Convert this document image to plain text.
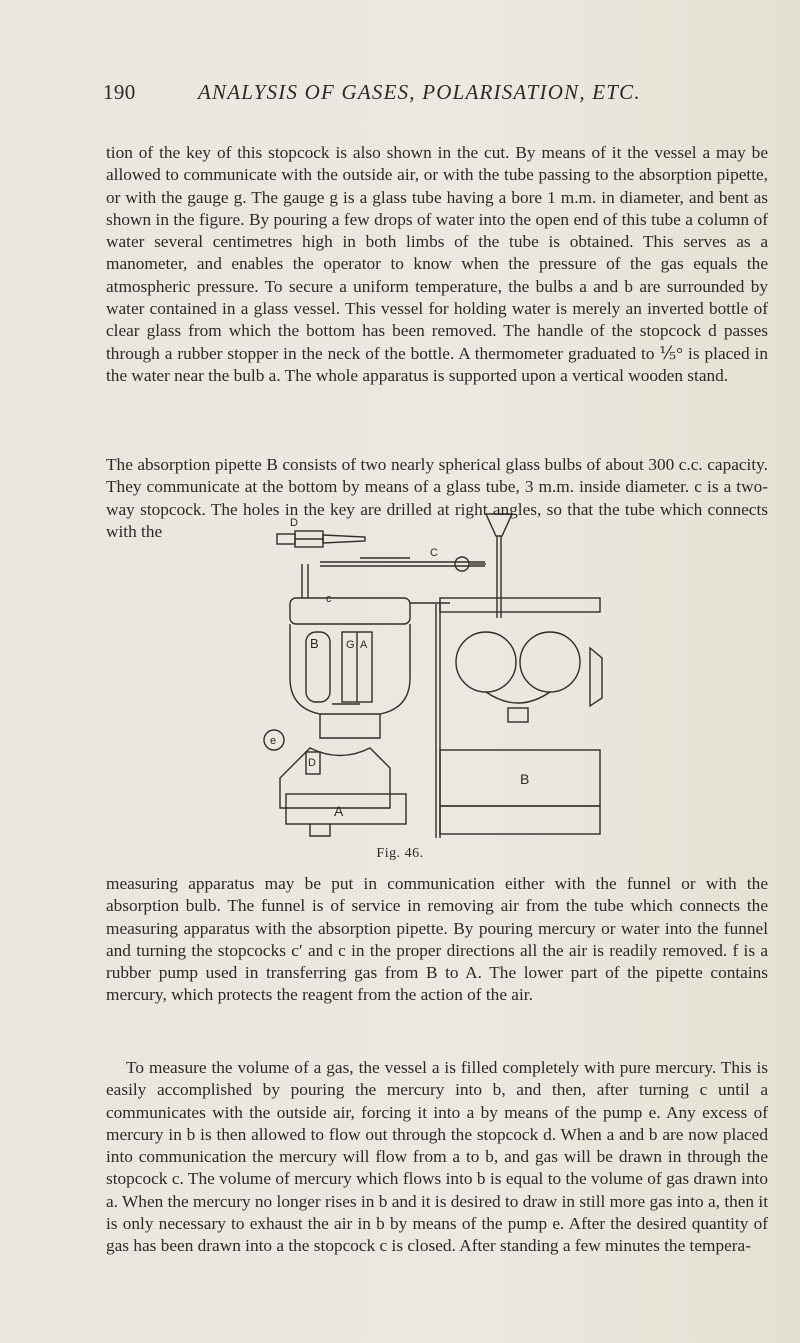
190	ANALYSIS OF GASES, POLARISATION, ETC.

tion of the key of this stopcock is also shown in the cut. By means of it the vessel a may be allowed to communicate with the outside air, or with the tube passing to the absorption pipette, or with the gauge g. The gauge g is a glass tube having a bore 1 m.m. in diameter, and bent as shown in the figure. By pouring a few drops of water into the open end of this tube a column of water several centimetres high in both limbs of the tube is obtained. This serves as a manometer, and enables the operator to know when the pressure of the gas equals the atmospheric pressure. To secure a uniform temperature, the bulbs a and b are surrounded by water contained in a glass vessel. This vessel for holding water is merely an inverted bottle of clear glass from which the bottom has been removed. The handle of the stopcock d passes through a rubber stopper in the neck of the bottle. A thermometer graduated to ⅕° is placed in the water near the bulb a. The whole apparatus is supported upon a vertical wooden stand.

The absorption pipette B consists of two nearly spherical glass bulbs of about 300 c.c. capacity. They communicate at the bottom by means of a glass tube, 3 m.m. inside diameter. c is a two-way stopcock. The holes in the key are drilled at right angles, so that the tube which connects with the	D
C
c
B G A
e
D
A
B
Fig. 46.

measuring apparatus may be put in communication either with the funnel or with the absorption bulb. The funnel is of service in removing air from the tube which connects the measuring apparatus with the absorption pipette. By pouring mercury or water into the funnel and turning the stopcocks c′ and c in the proper directions all the air is readily removed. f is a rubber pump used in transferring gas from B to A. The lower part of the pipette contains mercury, which protects the reagent from the action of the air.

To measure the volume of a gas, the vessel a is filled completely with pure mercury. This is easily accomplished by pouring the mercury into b, and then, after turning c until a communicates with the outside air, forcing it into a by means of the pump e. Any excess of mercury in b is then allowed to flow out through the stopcock d. When a and b are now placed into communication the mercury will flow from a to b, and gas will be drawn in through the stopcock c. The volume of mercury which flows into b is equal to the volume of gas drawn into a. When the mercury no longer rises in b and it is desired to draw in still more gas into a, then it is only necessary to exhaust the air in b by means of the pump e. After the desired quantity of gas has been drawn into a the stopcock c is closed. After standing a few minutes the tempera-
